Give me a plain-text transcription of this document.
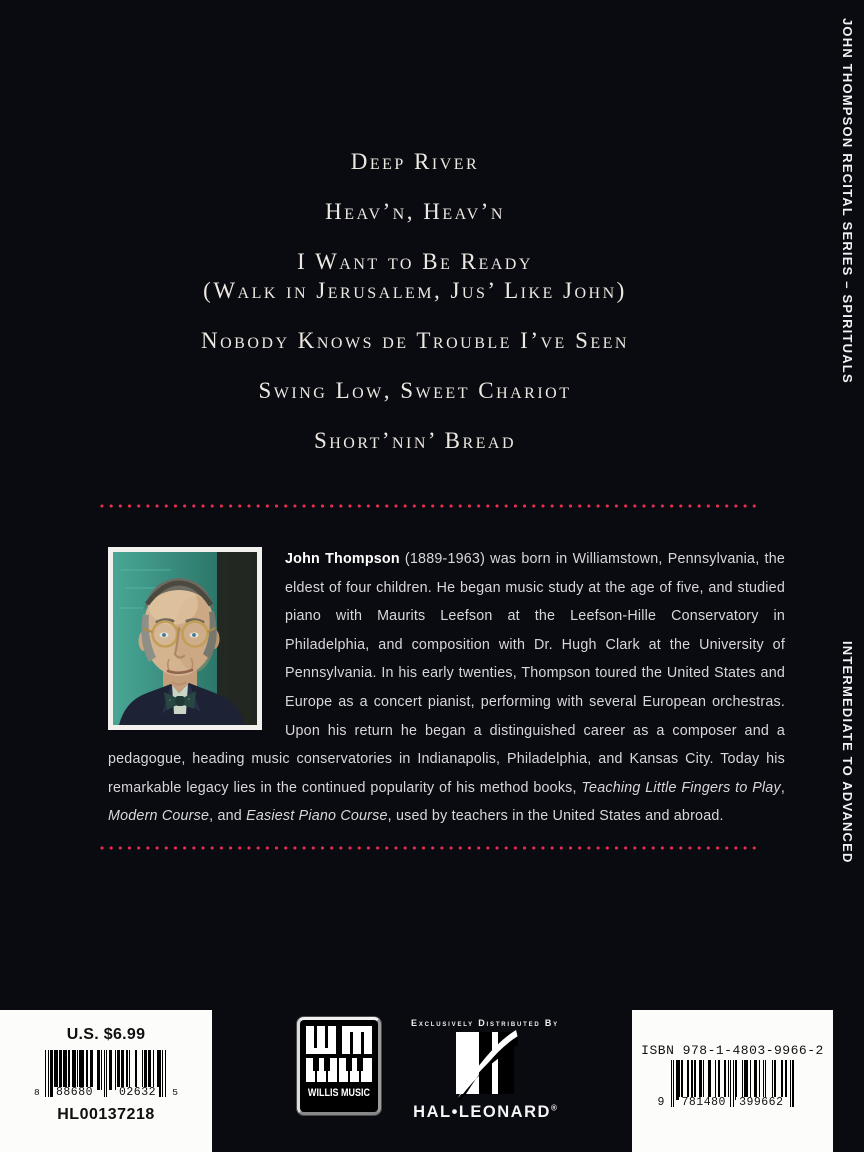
JOHN THOMPSON RECITAL SERIES – SPIRITUALS
INTERMEDIATE TO ADVANCED
Deep River
Heav’n, Heav’n
I Want to Be Ready
(Walk in Jerusalem, Jus’ Like John)
Nobody Knows de Trouble I’ve Seen
Swing Low, Sweet Chariot
Short’nin’ Bread
John Thompson (1889-1963) was born in Williamstown, Pennsylvania, the eldest of four children. He began music study at the age of five, and studied piano with Maurits Leefson at the Leefson-Hille Conservatory in Philadelphia, and composition with Dr. Hugh Clark at the University of Pennsylvania. In his early twenties, Thompson toured the United States and Europe as a concert pianist, performing with several European orchestras. Upon his return he began a distinguished career as a composer and a pedagogue, heading music conservatories in Indianapolis, Philadelphia, and Kansas City. Today his remarkable legacy lies in the continued popularity of his method books, Teaching Little Fingers to Play, Modern Course, and Easiest Piano Course, used by teachers in the United States and abroad.
U.S. $6.99
8 88680 02632	5
HL00137218
WILLIS MUSIC
Exclusively Distributed By
HAL•LEONARD®
ISBN 978-1-4803-9966-2
9 781480 399662
